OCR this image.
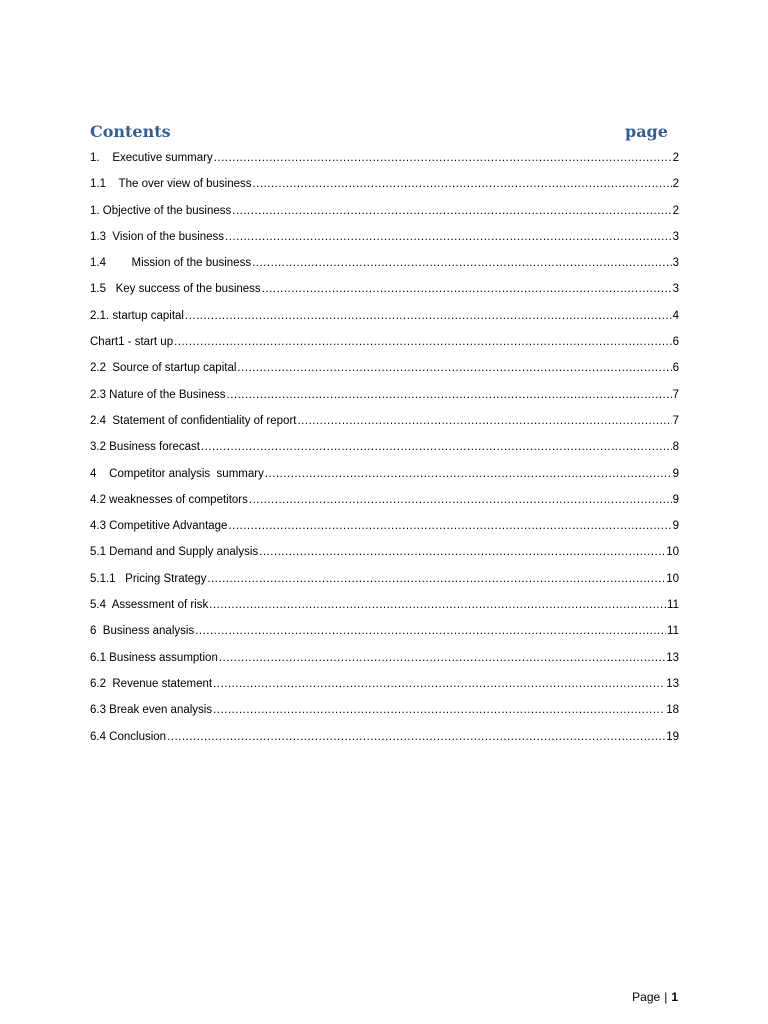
Contents	page
1.    Executive summary .....	2
1.1    The over view of business .....	2
1. Objective of the business .....	2
1.3  Vision of the business .....	3
1.4        Mission of the business .....	3
1.5   Key success of the business .....	3
2.1. startup capital .....	4
Chart1 - start up .....	6
2.2  Source of startup capital .....	6
2.3 Nature of the Business .....	7
2.4  Statement of confidentiality of report .....	7
3.2 Business forecast .....	8
4    Competitor analysis  summary .....	9
4.2 weaknesses of competitors .....	9
4.3 Competitive Advantage .....	9
5.1 Demand and Supply analysis .....	10
5.1.1   Pricing Strategy .....	10
5.4  Assessment of risk .....	11
6  Business analysis .....	11
6.1 Business assumption .....	13
6.2  Revenue statement .....	13
6.3 Break even analysis .....	18
6.4 Conclusion .....	19
Page | 1
